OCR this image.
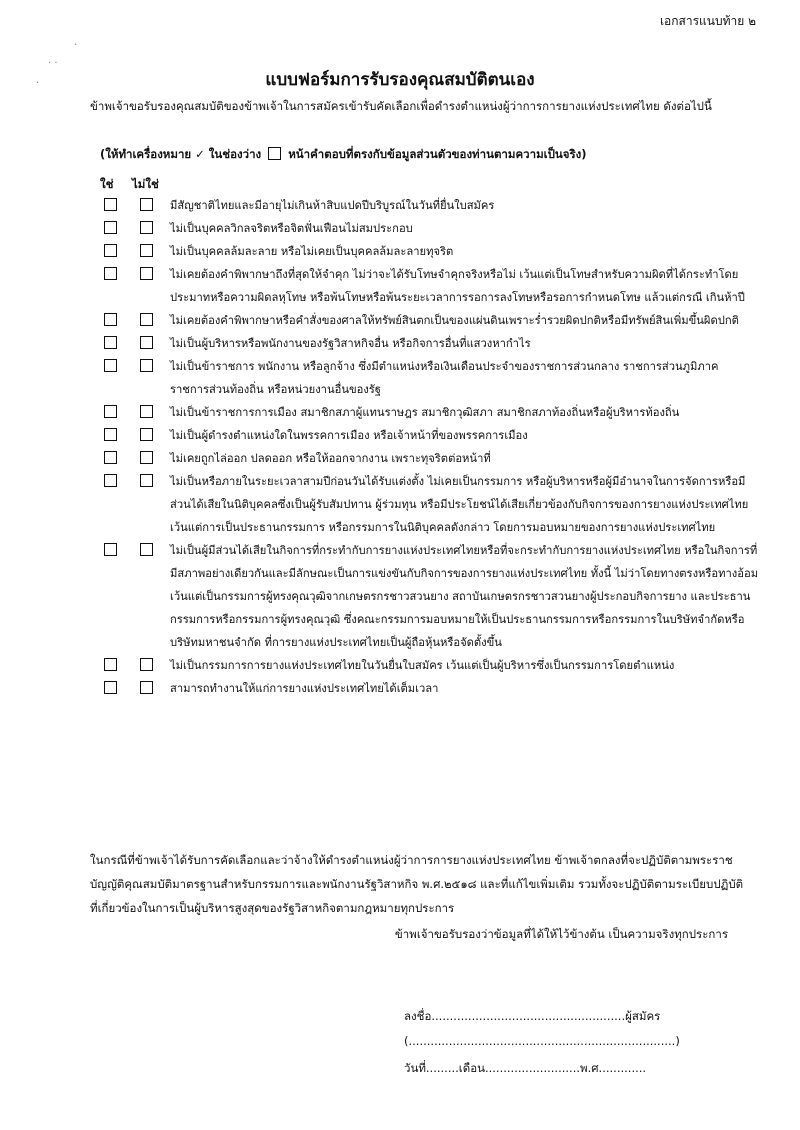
·
· ·
·
เอกสารแนบท้าย ๒
แบบฟอร์มการรับรองคุณสมบัติตนเอง
ข้าพเจ้าขอรับรองคุณสมบัติของข้าพเจ้าในการสมัครเข้ารับคัดเลือกเพื่อดำรงตำแหน่งผู้ว่าการการยางแห่งประเทศไทย ดังต่อไปนี้
(ให้ทำเครื่องหมาย ✓ ในช่องว่าง หน้าคำตอบที่ตรงกับข้อมูลส่วนตัวของท่านตามความเป็นจริง)
ใช่ ไม่ใช่
มีสัญชาติไทยและมีอายุไม่เกินห้าสิบแปดปีบริบูรณ์ในวันที่ยื่นใบสมัคร
ไม่เป็นบุคคลวิกลจริตหรือจิตฟั่นเฟือนไม่สมประกอบ
ไม่เป็นบุคคลล้มละลาย หรือไม่เคยเป็นบุคคลล้มละลายทุจริต
ไม่เคยต้องคำพิพากษาถึงที่สุดให้จำคุก ไม่ว่าจะได้รับโทษจำคุกจริงหรือไม่ เว้นแต่เป็นโทษสำหรับความผิดที่ได้กระทำโดยประมาทหรือความผิดลหุโทษ หรือพ้นโทษหรือพ้นระยะเวลาการรอการลงโทษหรือรอการกำหนดโทษ แล้วแต่กรณี เกินห้าปี
ไม่เคยต้องคำพิพากษาหรือคำสั่งของศาลให้ทรัพย์สินตกเป็นของแผ่นดินเพราะร่ำรวยผิดปกติหรือมีทรัพย์สินเพิ่มขึ้นผิดปกติ
ไม่เป็นผู้บริหารหรือพนักงานของรัฐวิสาหกิจอื่น หรือกิจการอื่นที่แสวงหากำไร
ไม่เป็นข้าราชการ พนักงาน หรือลูกจ้าง ซึ่งมีตำแหน่งหรือเงินเดือนประจำของราชการส่วนกลาง ราชการส่วนภูมิภาค ราชการส่วนท้องถิ่น หรือหน่วยงานอื่นของรัฐ
ไม่เป็นข้าราชการการเมือง สมาชิกสภาผู้แทนราษฎร สมาชิกวุฒิสภา สมาชิกสภาท้องถิ่นหรือผู้บริหารท้องถิ่น
ไม่เป็นผู้ดำรงตำแหน่งใดในพรรคการเมือง หรือเจ้าหน้าที่ของพรรคการเมือง
ไม่เคยถูกไล่ออก ปลดออก หรือให้ออกจากงาน เพราะทุจริตต่อหน้าที่
ไม่เป็นหรือภายในระยะเวลาสามปีก่อนวันได้รับแต่งตั้ง ไม่เคยเป็นกรรมการ หรือผู้บริหารหรือผู้มีอำนาจในการจัดการหรือมีส่วนได้เสียในนิติบุคคลซึ่งเป็นผู้รับสัมปทาน ผู้ร่วมทุน หรือมีประโยชน์ได้เสียเกี่ยวข้องกับกิจการของการยางแห่งประเทศไทย เว้นแต่การเป็นประธานกรรมการ หรือกรรมการในนิติบุคคลดังกล่าว โดยการมอบหมายของการยางแห่งประเทศไทย
ไม่เป็นผู้มีส่วนได้เสียในกิจการที่กระทำกับการยางแห่งประเทศไทยหรือที่จะกระทำกับการยางแห่งประเทศไทย หรือในกิจการที่มีสภาพอย่างเดียวกันและมีลักษณะเป็นการแข่งขันกับกิจการของการยางแห่งประเทศไทย ทั้งนี้ ไม่ว่าโดยทางตรงหรือทางอ้อมเว้นแต่เป็นกรรมการผู้ทรงคุณวุฒิจากเกษตรกรชาวสวนยาง สถาบันเกษตรกรชาวสวนยางผู้ประกอบกิจการยาง และประธานกรรมการหรือกรรมการผู้ทรงคุณวุฒิ ซึ่งคณะกรรมการมอบหมายให้เป็นประธานกรรมการหรือกรรมการในบริษัทจำกัดหรือบริษัทมหาชนจำกัด ที่การยางแห่งประเทศไทยเป็นผู้ถือหุ้นหรือจัดตั้งขึ้น
ไม่เป็นกรรมการการยางแห่งประเทศไทยในวันยื่นใบสมัคร เว้นแต่เป็นผู้บริหารซึ่งเป็นกรรมการโดยตำแหน่ง
สามารถทำงานให้แก่การยางแห่งประเทศไทยได้เต็มเวลา
ในกรณีที่ข้าพเจ้าได้รับการคัดเลือกและว่าจ้างให้ดำรงตำแหน่งผู้ว่าการการยางแห่งประเทศไทย ข้าพเจ้าตกลงที่จะปฏิบัติตามพระราชบัญญัติคุณสมบัติมาตรฐานสำหรับกรรมการและพนักงานรัฐวิสาหกิจ พ.ศ.๒๕๑๘ และที่แก้ไขเพิ่มเติม รวมทั้งจะปฏิบัติตามระเบียบปฏิบัติที่เกี่ยวข้องในการเป็นผู้บริหารสูงสุดของรัฐวิสาหกิจตามกฎหมายทุกประการ
ข้าพเจ้าขอรับรองว่าข้อมูลที่ได้ให้ไว้ข้างต้น เป็นความจริงทุกประการ
ลงชื่อ.....................................................ผู้สมัคร
(.........................................................................)
วันที่.........เดือน..........................พ.ศ.............
